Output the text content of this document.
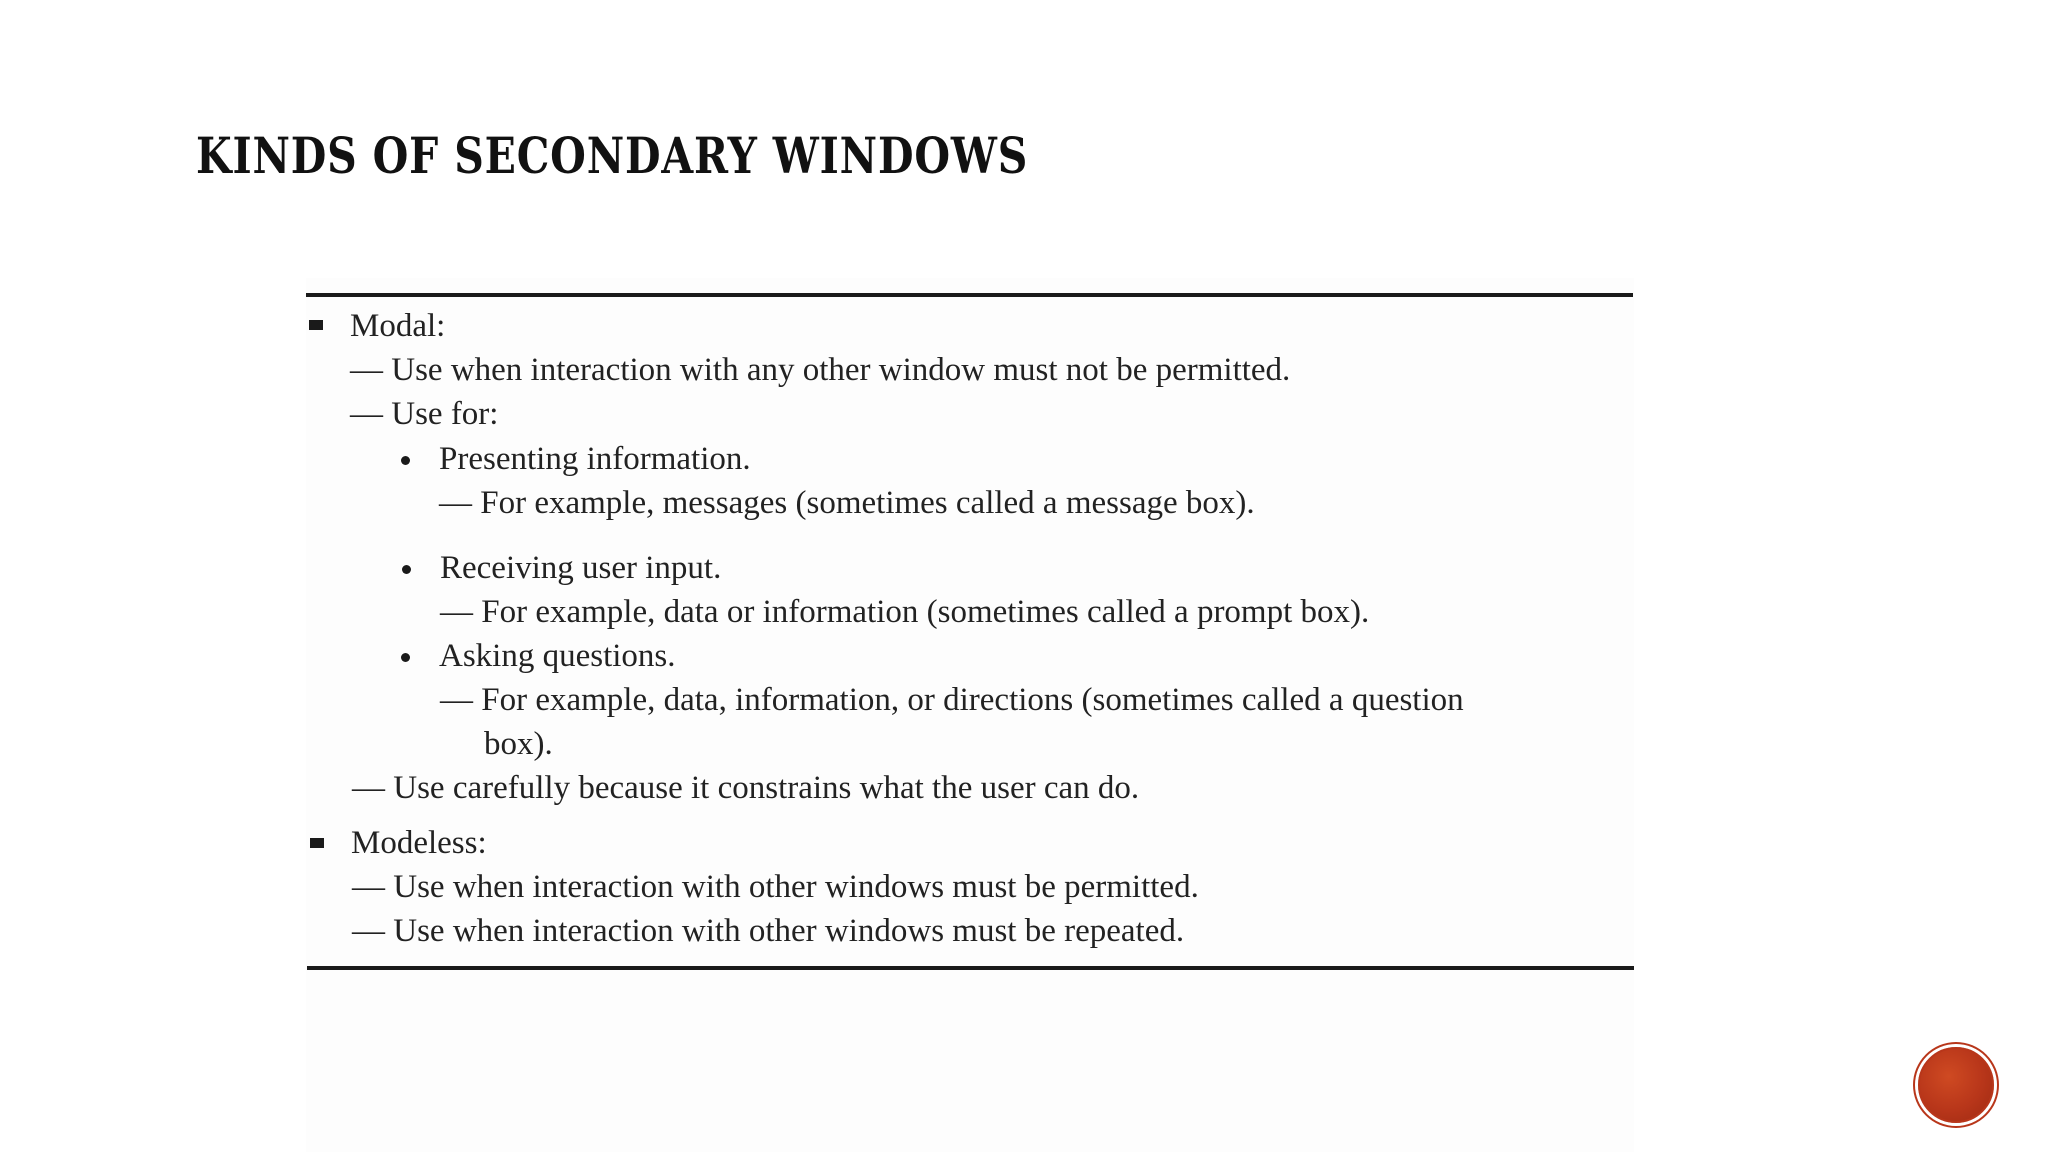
KINDS OF SECONDARY WINDOWS
Modal:
— Use when interaction with any other window must not be permitted.
— Use for:
Presenting information.
— For example, messages (sometimes called a message box).
Receiving user input.
— For example, data or information (sometimes called a prompt box).
Asking questions.
— For example, data, information, or directions (sometimes called a question
box).
— Use carefully because it constrains what the user can do.
Modeless:
— Use when interaction with other windows must be permitted.
— Use when interaction with other windows must be repeated.
